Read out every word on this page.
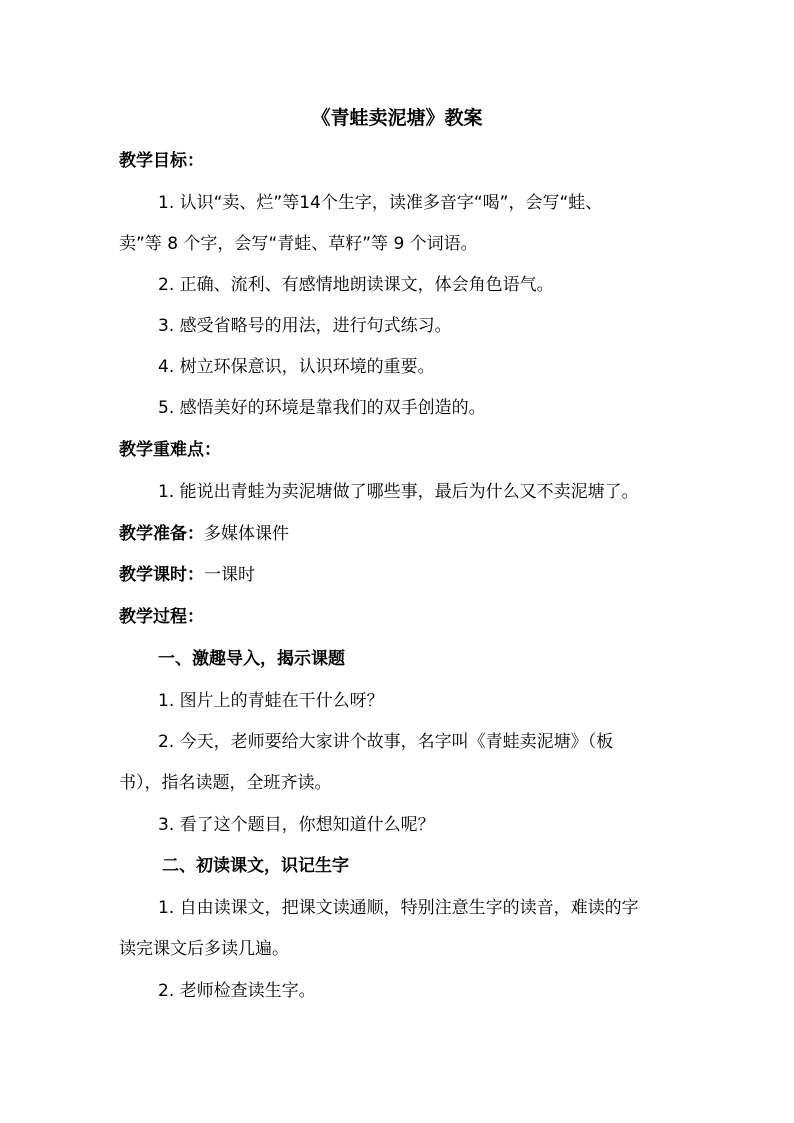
《青蛙卖泥塘》教案
教学目标：
1. 认识“卖、烂”等14个生字，读准多音字“喝”，会写“蛙、
卖”等 8 个字，会写“青蛙、草籽”等 9 个词语。
2. 正确、流利、有感情地朗读课文，体会角色语气。
3. 感受省略号的用法，进行句式练习。
4. 树立环保意识，认识环境的重要。
5. 感悟美好的环境是靠我们的双手创造的。
教学重难点：
1. 能说出青蛙为卖泥塘做了哪些事，最后为什么又不卖泥塘了。
教学准备：多媒体课件
教学课时：一课时
教学过程：
一、激趣导入，揭示课题
1. 图片上的青蛙在干什么呀？
2. 今天，老师要给大家讲个故事，名字叫《青蛙卖泥塘》（板
书），指名读题，全班齐读。
3. 看了这个题目，你想知道什么呢？
二、初读课文，识记生字
1. 自由读课文，把课文读通顺，特别注意生字的读音，难读的字
读完课文后多读几遍。
2. 老师检查读生字。
